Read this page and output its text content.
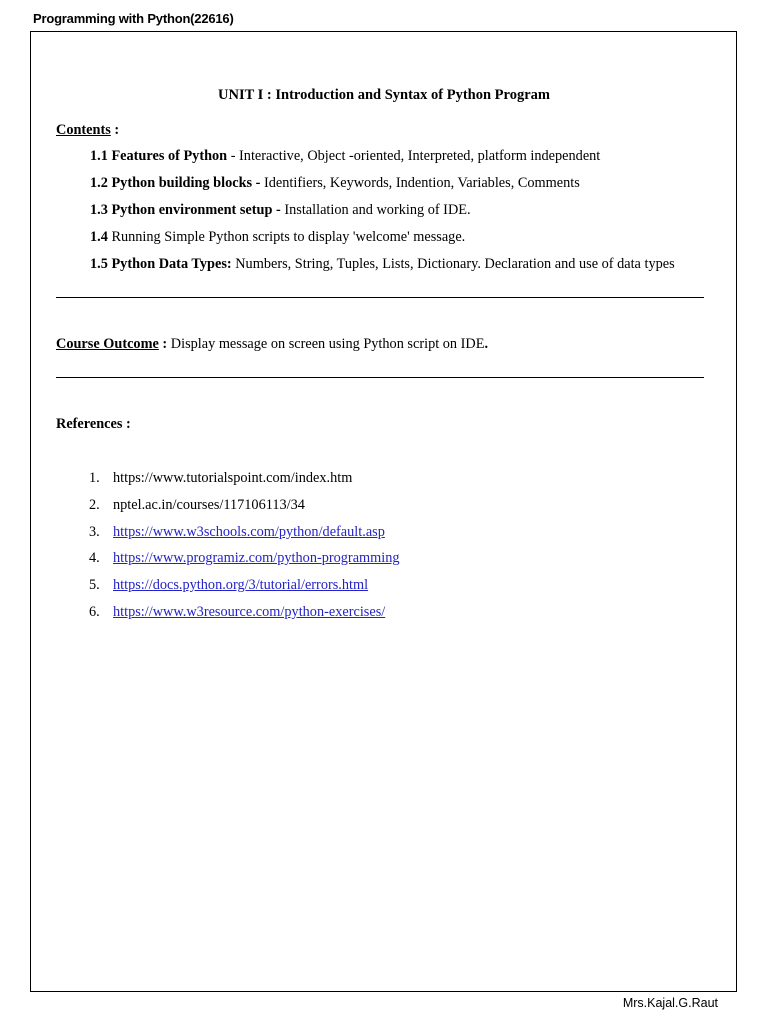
Programming with Python(22616)
UNIT I : Introduction and Syntax of Python Program
Contents :
1.1 Features of Python - Interactive, Object -oriented, Interpreted, platform independent
1.2 Python building blocks - Identifiers, Keywords, Indention, Variables, Comments
1.3 Python environment setup - Installation and working of IDE.
1.4 Running Simple Python scripts to display 'welcome' message.
1.5 Python Data Types: Numbers, String, Tuples, Lists, Dictionary. Declaration and use of data types
Course Outcome : Display message on screen using Python script on IDE.
References :
1. https://www.tutorialspoint.com/index.htm
2. nptel.ac.in/courses/117106113/34
3. https://www.w3schools.com/python/default.asp
4. https://www.programiz.com/python-programming
5. https://docs.python.org/3/tutorial/errors.html
6. https://www.w3resource.com/python-exercises/
Mrs.Kajal.G.Raut
